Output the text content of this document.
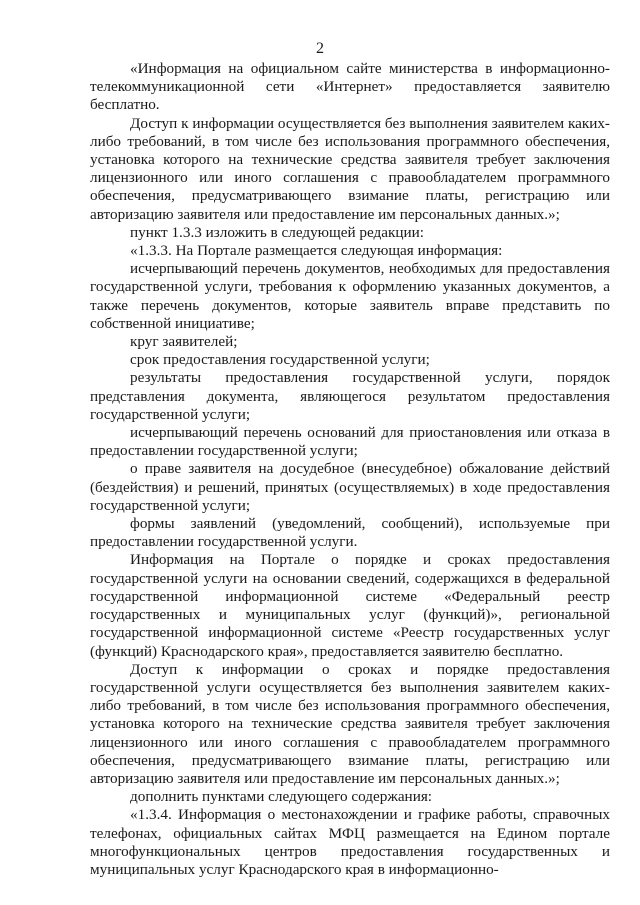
2

«Информация на официальном сайте министерства в информационно-телекоммуникационной сети «Интернет» предоставляется заявителю бесплатно.

Доступ к информации осуществляется без выполнения заявителем каких-либо требований, в том числе без использования программного обеспечения, установка которого на технические средства заявителя требует заключения лицензионного или иного соглашения с правообладателем программного обеспечения, предусматривающего взимание платы, регистрацию или авторизацию заявителя или предоставление им персональных данных.»;

пункт 1.3.3 изложить в следующей редакции:

«1.3.3. На Портале размещается следующая информация:

исчерпывающий перечень документов, необходимых для предоставления государственной услуги, требования к оформлению указанных документов, а также перечень документов, которые заявитель вправе представить по собственной инициативе;

круг заявителей;

срок предоставления государственной услуги;

результаты предоставления государственной услуги, порядок представления документа, являющегося результатом предоставления государственной услуги;

исчерпывающий перечень оснований для приостановления или отказа в предоставлении государственной услуги;

о праве заявителя на досудебное (внесудебное) обжалование действий (бездействия) и решений, принятых (осуществляемых) в ходе предоставления государственной услуги;

формы заявлений (уведомлений, сообщений), используемые при предоставлении государственной услуги.

Информация на Портале о порядке и сроках предоставления государственной услуги на основании сведений, содержащихся в федеральной государственной информационной системе «Федеральный реестр государственных и муниципальных услуг (функций)», региональной государственной информационной системе «Реестр государственных услуг (функций) Краснодарского края», предоставляется заявителю бесплатно.

Доступ к информации о сроках и порядке предоставления государственной услуги осуществляется без выполнения заявителем каких-либо требований, в том числе без использования программного обеспечения, установка которого на технические средства заявителя требует заключения лицензионного или иного соглашения с правообладателем программного обеспечения, предусматривающего взимание платы, регистрацию или авторизацию заявителя или предоставление им персональных данных.»;

дополнить пунктами следующего содержания:

«1.3.4. Информация о местонахождении и графике работы, справочных телефонах, официальных сайтах МФЦ размещается на Едином портале многофункциональных центров предоставления государственных и муниципальных услуг Краснодарского края в информационно-
